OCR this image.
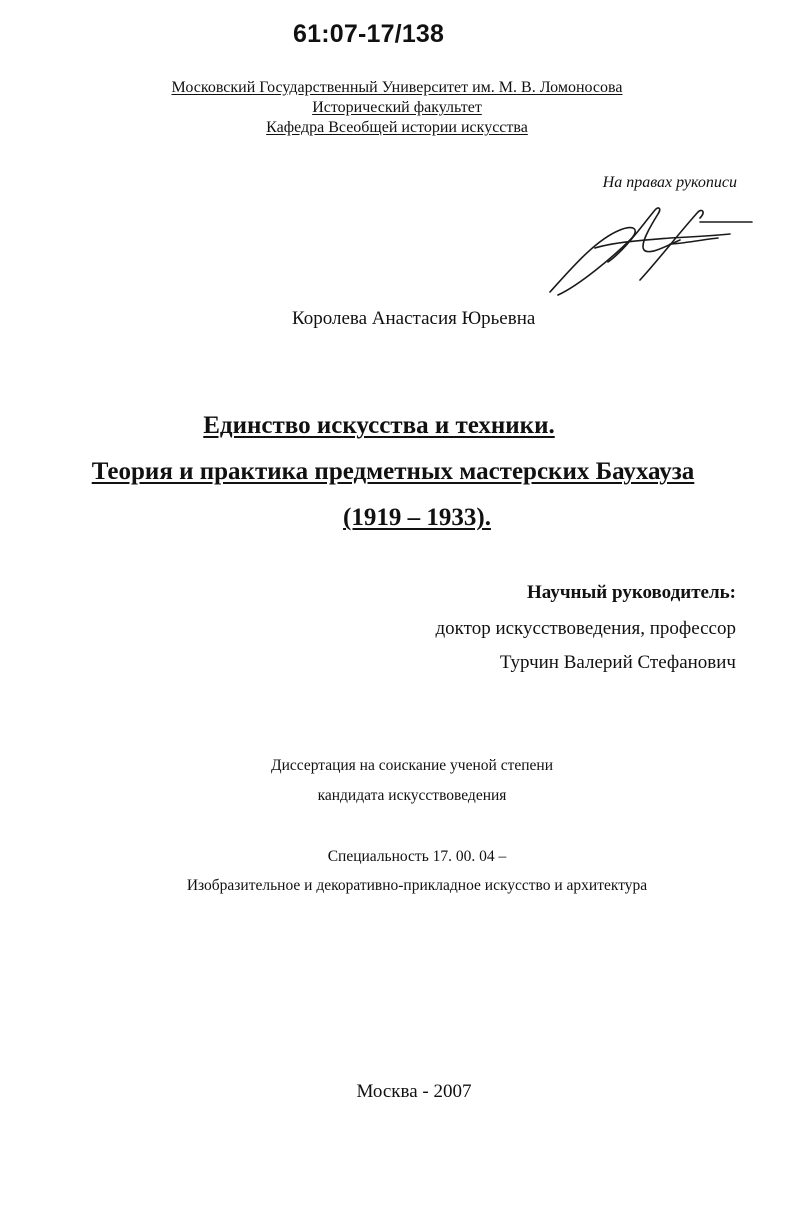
61:07-17/138
Московский Государственный Университет им. М. В. Ломоносова
Исторический факультет
Кафедра Всеобщей истории искусства
На правах рукописи
Королева Анастасия Юрьевна
Единство искусства и техники.
Теория и практика предметных мастерских Баухауза
(1919 – 1933).
Научный руководитель:
доктор искусствоведения, профессор
Турчин Валерий Стефанович
Диссертация на соискание ученой степени
кандидата искусствоведения
Специальность 17. 00. 04 –
Изобразительное и декоративно-прикладное искусство и архитектура
Москва - 2007
